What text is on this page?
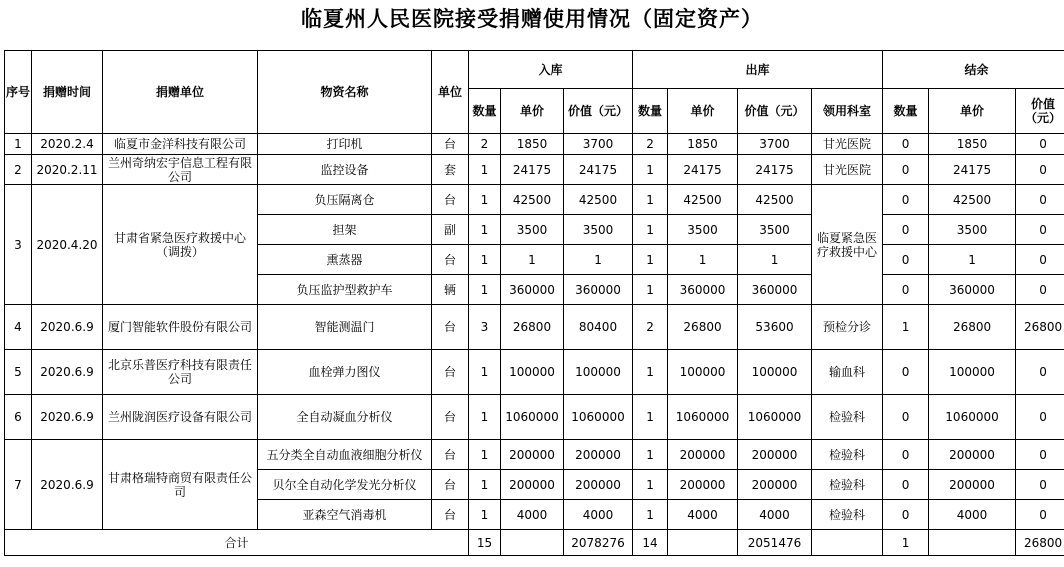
临夏州人民医院接受捐赠使用情况（固定资产）
序号	捐赠时间	捐赠单位	物资名称	单位	入库			出库				结余		
					数量	单价	价值（元）	数量	单价	价值（元）	领用科室	数量	单价	价值（元）
1	2020.2.4	临夏市金洋科技有限公司	打印机	台	2	1850	3700	2	1850	3700	甘光医院	0	1850	0
2	2020.2.11	兰州奇纳宏宇信息工程有限公司	监控设备	套	1	24175	24175	1	24175	24175	甘光医院	0	24175	0
3	2020.4.20	甘肃省紧急医疗救援中心（调拨）	负压隔离仓	台	1	42500	42500	1	42500	42500	临夏紧急医疗救援中心	0	42500	0
			担架	副	1	3500	3500	1	3500	3500		0	3500	0
			熏蒸器	台	1	1	1	1	1	1		0	1	0
			负压监护型救护车	辆	1	360000	360000	1	360000	360000		0	360000	0
4	2020.6.9	厦门智能软件股份有限公司	智能测温门	台	3	26800	80400	2	26800	53600	预检分诊	1	26800	26800
5	2020.6.9	北京乐普医疗科技有限责任公司	血栓弹力图仪	台	1	100000	100000	1	100000	100000	输血科	0	100000	0
6	2020.6.9	兰州陇润医疗设备有限公司	全自动凝血分析仪	台	1	1060000	1060000	1	1060000	1060000	检验科	0	1060000	0
7	2020.6.9	甘肃格瑞特商贸有限责任公司	五分类全自动血液细胞分析仪	台	1	200000	200000	1	200000	200000	检验科	0	200000	0
			贝尔全自动化学发光分析仪	台	1	200000	200000	1	200000	200000	检验科	0	200000	0
			亚森空气消毒机	台	1	4000	4000	1	4000	4000	检验科	0	4000	0
合计					15		2078276	14		2051476		1		26800
